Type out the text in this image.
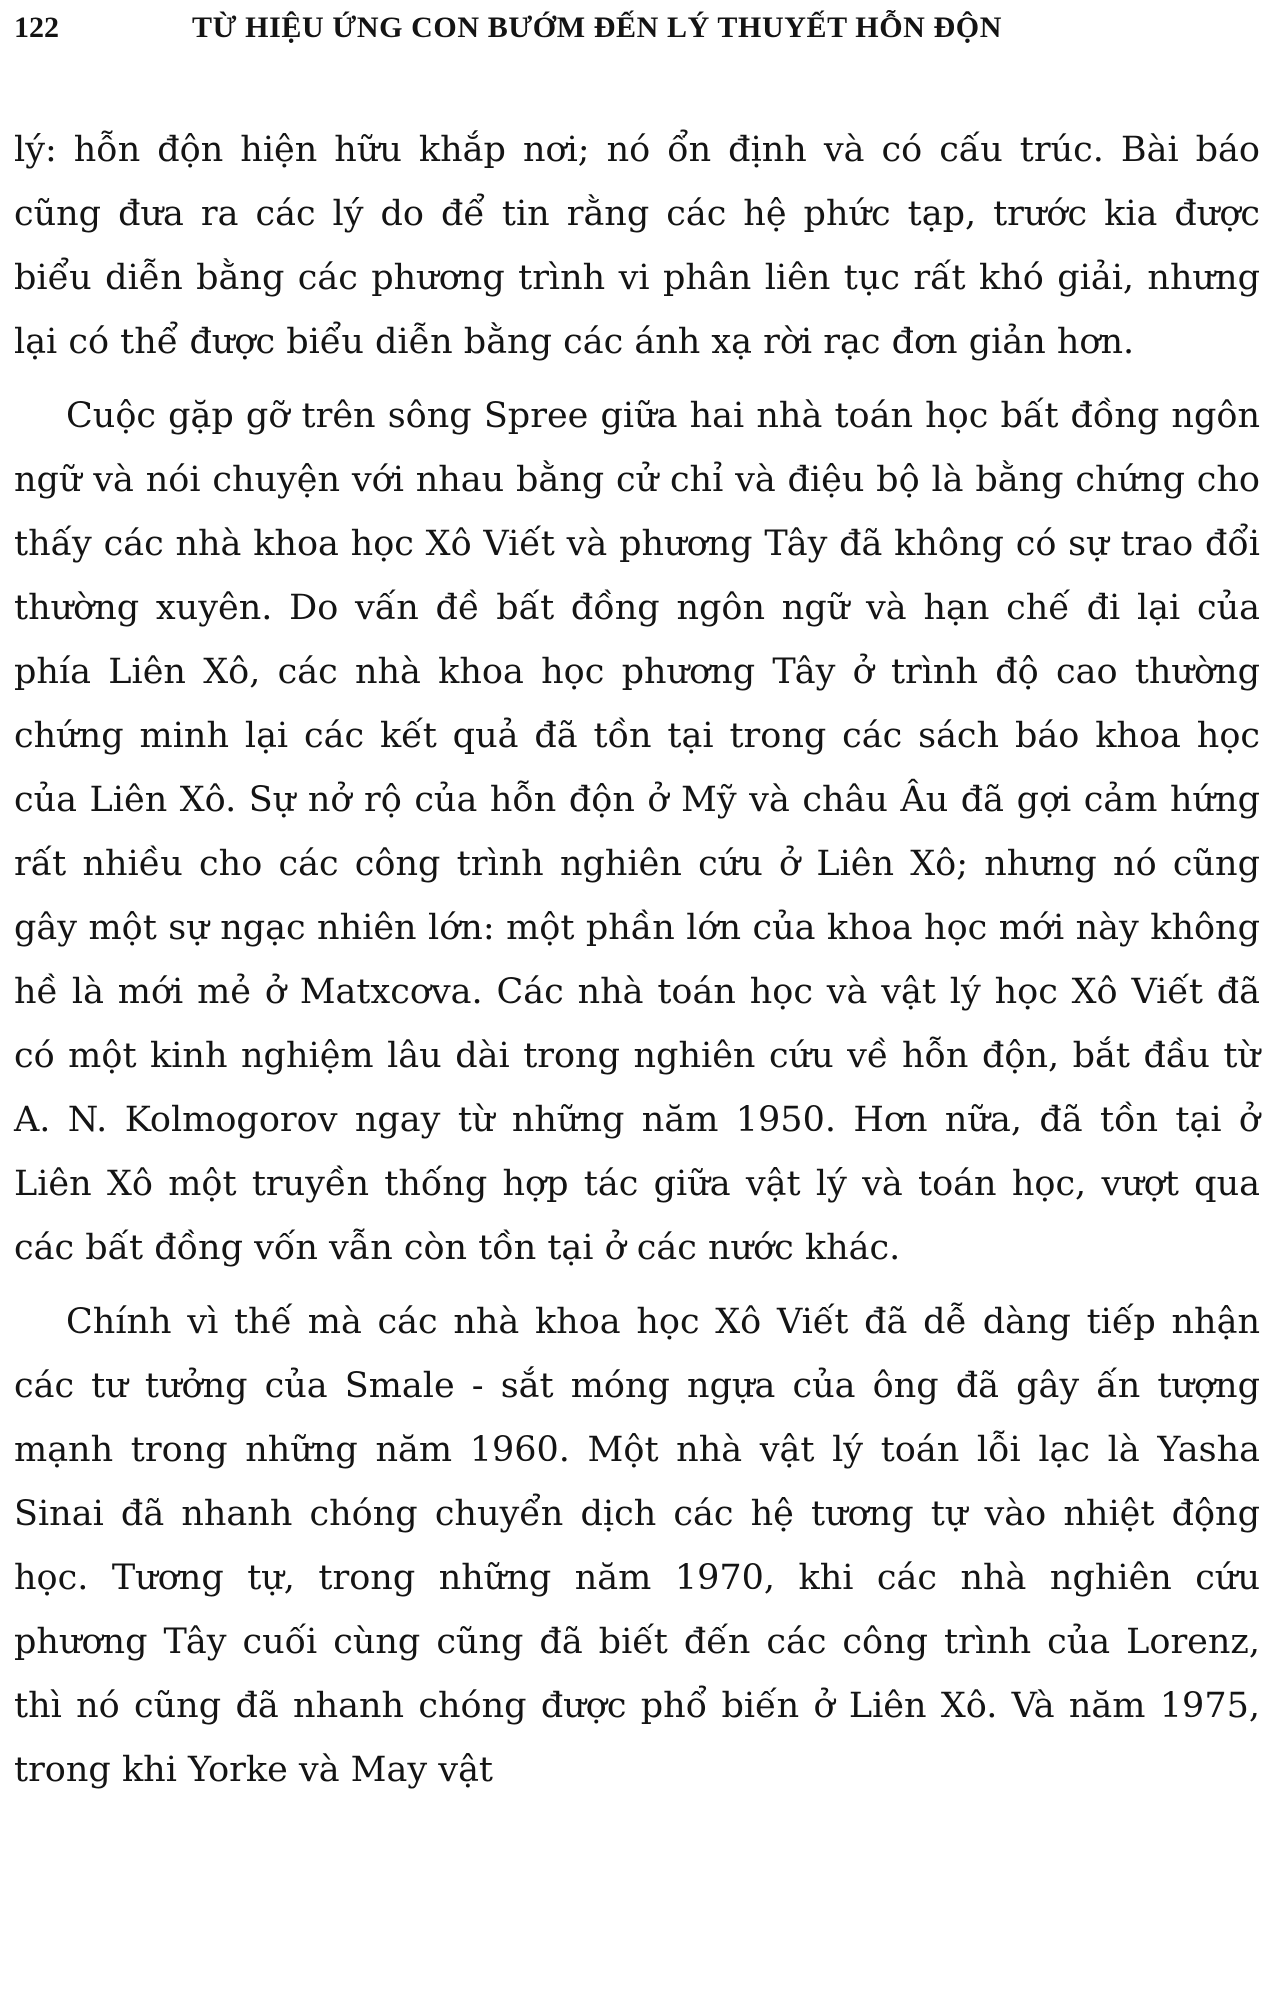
122	TỪ HIỆU ỨNG CON BƯỚM ĐẾN LÝ THUYẾT HỖN ĐỘN

lý: hỗn độn hiện hữu khắp nơi; nó ổn định và có cấu trúc. Bài báo cũng đưa ra các lý do để tin rằng các hệ phức tạp, trước kia được biểu diễn bằng các phương trình vi phân liên tục rất khó giải, nhưng lại có thể được biểu diễn bằng các ánh xạ rời rạc đơn giản hơn.

Cuộc gặp gỡ trên sông Spree giữa hai nhà toán học bất đồng ngôn ngữ và nói chuyện với nhau bằng cử chỉ và điệu bộ là bằng chứng cho thấy các nhà khoa học Xô Viết và phương Tây đã không có sự trao đổi thường xuyên. Do vấn đề bất đồng ngôn ngữ và hạn chế đi lại của phía Liên Xô, các nhà khoa học phương Tây ở trình độ cao thường chứng minh lại các kết quả đã tồn tại trong các sách báo khoa học của Liên Xô. Sự nở rộ của hỗn độn ở Mỹ và châu Âu đã gợi cảm hứng rất nhiều cho các công trình nghiên cứu ở Liên Xô; nhưng nó cũng gây một sự ngạc nhiên lớn: một phần lớn của khoa học mới này không hề là mới mẻ ở Matxcơva. Các nhà toán học và vật lý học Xô Viết đã có một kinh nghiệm lâu dài trong nghiên cứu về hỗn độn, bắt đầu từ A. N. Kolmogorov ngay từ những năm 1950. Hơn nữa, đã tồn tại ở Liên Xô một truyền thống hợp tác giữa vật lý và toán học, vượt qua các bất đồng vốn vẫn còn tồn tại ở các nước khác.

Chính vì thế mà các nhà khoa học Xô Viết đã dễ dàng tiếp nhận các tư tưởng của Smale - sắt móng ngựa của ông đã gây ấn tượng mạnh trong những năm 1960. Một nhà vật lý toán lỗi lạc là Yasha Sinai đã nhanh chóng chuyển dịch các hệ tương tự vào nhiệt động học. Tương tự, trong những năm 1970, khi các nhà nghiên cứu phương Tây cuối cùng cũng đã biết đến các công trình của Lorenz, thì nó cũng đã nhanh chóng được phổ biến ở Liên Xô. Và năm 1975, trong khi Yorke và May vật
